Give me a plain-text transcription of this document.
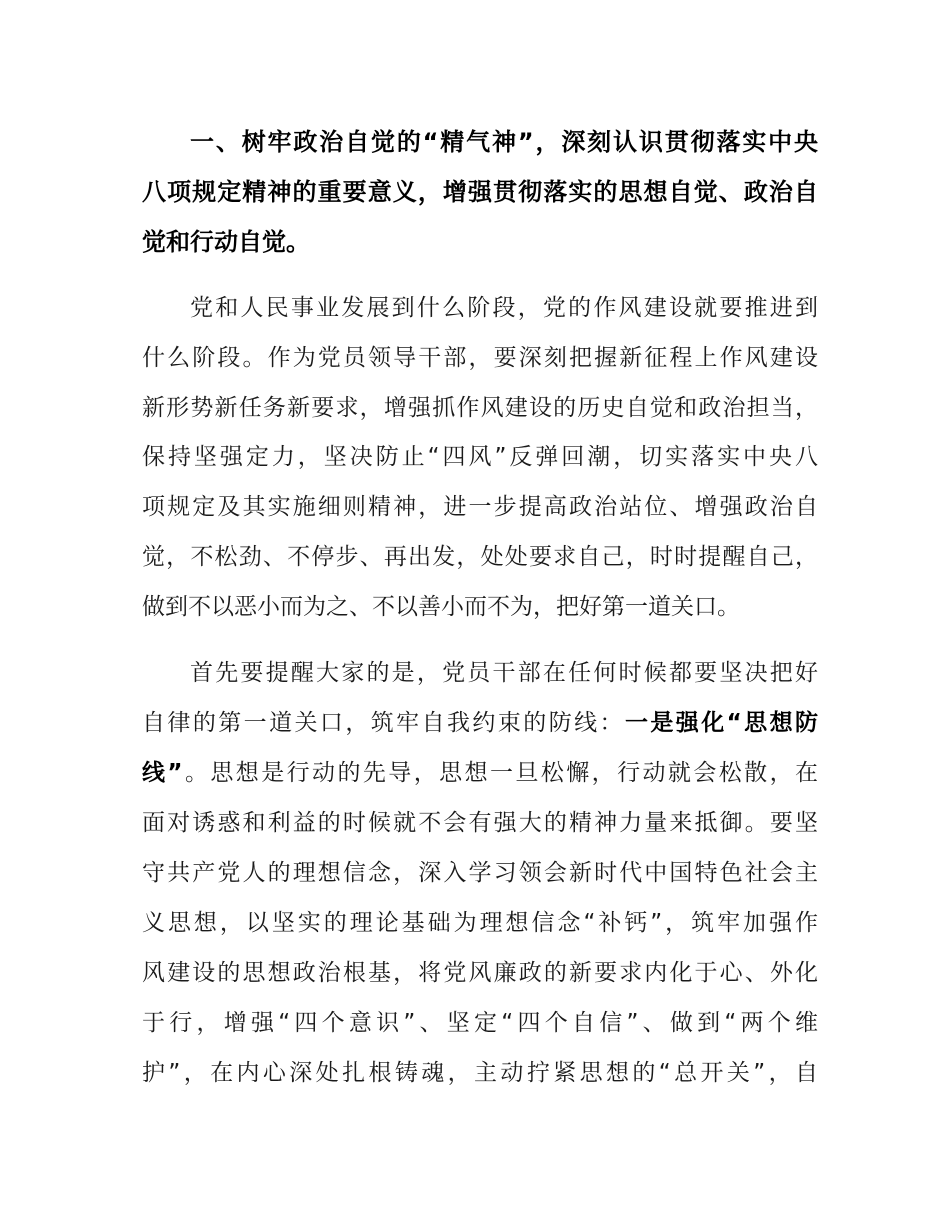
一、树牢政治自觉的“精气神”，深刻认识贯彻落实中央
八项规定精神的重要意义，增强贯彻落实的思想自觉、政治自
觉和行动自觉。
党和人民事业发展到什么阶段，党的作风建设就要推进到
什么阶段。作为党员领导干部，要深刻把握新征程上作风建设
新形势新任务新要求，增强抓作风建设的历史自觉和政治担当，
保持坚强定力，坚决防止“四风”反弹回潮，切实落实中央八
项规定及其实施细则精神，进一步提高政治站位、增强政治自
觉，不松劲、不停步、再出发，处处要求自己，时时提醒自己，
做到不以恶小而为之、不以善小而不为，把好第一道关口。
首先要提醒大家的是，党员干部在任何时候都要坚决把好
自律的第一道关口，筑牢自我约束的防线：一是强化“思想防
线”。思想是行动的先导，思想一旦松懈，行动就会松散，在
面对诱惑和利益的时候就不会有强大的精神力量来抵御。要坚
守共产党人的理想信念，深入学习领会新时代中国特色社会主
义思想，以坚实的理论基础为理想信念“补钙”，筑牢加强作
风建设的思想政治根基，将党风廉政的新要求内化于心、外化
于行，增强“四个意识”、坚定“四个自信”、做到“两个维
护”，在内心深处扎根铸魂，主动拧紧思想的“总开关”，自
